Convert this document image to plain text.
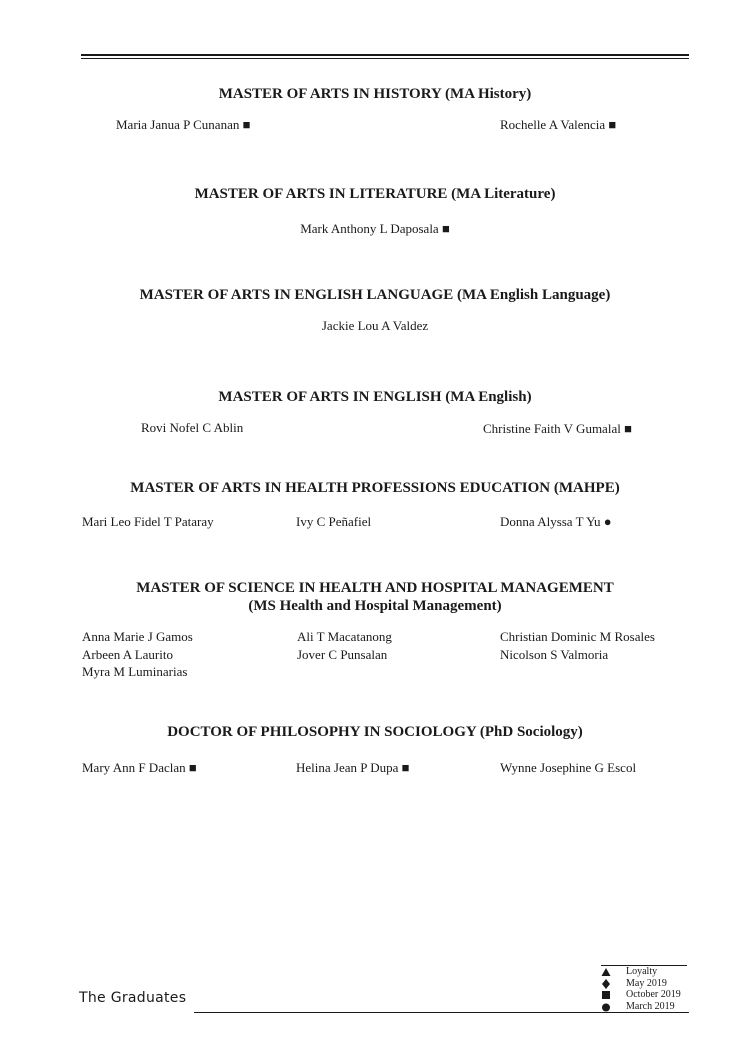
MASTER OF ARTS IN HISTORY (MA History)
Maria Janua P Cunanan ■	Rochelle A Valencia ■
MASTER OF ARTS IN LITERATURE (MA Literature)
Mark Anthony L Daposala ■
MASTER OF ARTS IN ENGLISH LANGUAGE (MA English Language)
Jackie Lou A Valdez
MASTER OF ARTS IN ENGLISH (MA English)
Rovi Nofel C Ablin	Christine Faith V Gumalal ■
MASTER OF ARTS IN HEALTH PROFESSIONS EDUCATION (MAHPE)
Mari Leo Fidel T Pataray	Ivy C Peñafiel	Donna Alyssa T Yu ●
MASTER OF SCIENCE IN HEALTH AND HOSPITAL MANAGEMENT
(MS Health and Hospital Management)
Anna Marie J Gamos	Ali T Macatanong	Christian Dominic M Rosales
Arbeen A Laurito	Jover C Punsalan	Nicolson S Valmoria
Myra M Luminarias
DOCTOR OF PHILOSOPHY IN SOCIOLOGY (PhD Sociology)
Mary Ann F Daclan ■	Helina Jean P Dupa ■	Wynne Josephine G Escol
The Graduates
Loyalty
May 2019
October 2019
March 2019
